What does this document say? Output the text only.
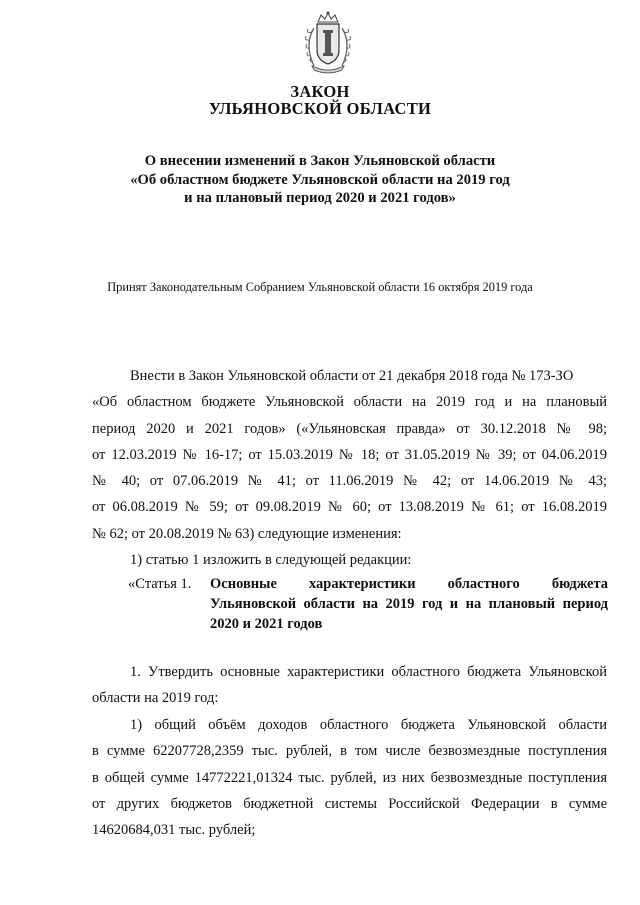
ЗАКОН
УЛЬЯНОВСКОЙ ОБЛАСТИ
О внесении изменений в Закон Ульяновской области
«Об областном бюджете Ульяновской области на 2019 год
и на плановый период 2020 и 2021 годов»
Принят Законодательным Собранием Ульяновской области 16 октября 2019 года
Внести в Закон Ульяновской области от 21 декабря 2018 года № 173-ЗО
«Об областном бюджете Ульяновской области на 2019 год и на плановый
период 2020 и 2021 годов» («Ульяновская правда» от 30.12.2018 № 98;
от 12.03.2019 № 16-17; от 15.03.2019 № 18; от 31.05.2019 № 39; от 04.06.2019
№ 40; от 07.06.2019 № 41; от 11.06.2019 № 42; от 14.06.2019 № 43;
от 06.08.2019 № 59; от 09.08.2019 № 60; от 13.08.2019 № 61; от 16.08.2019
№ 62; от 20.08.2019 № 63) следующие изменения:
1) статью 1 изложить в следующей редакции:
«Статья 1. Основные характеристики областного бюджета
Ульяновской области на 2019 год и на плановый период
2020 и 2021 годов
1. Утвердить основные характеристики областного бюджета Ульяновской
области на 2019 год:
1) общий объём доходов областного бюджета Ульяновской области
в сумме 62207728,2359 тыс. рублей, в том числе безвозмездные поступления
в общей сумме 14772221,01324 тыс. рублей, из них безвозмездные поступления
от других бюджетов бюджетной системы Российской Федерации в сумме
14620684,031 тыс. рублей;
